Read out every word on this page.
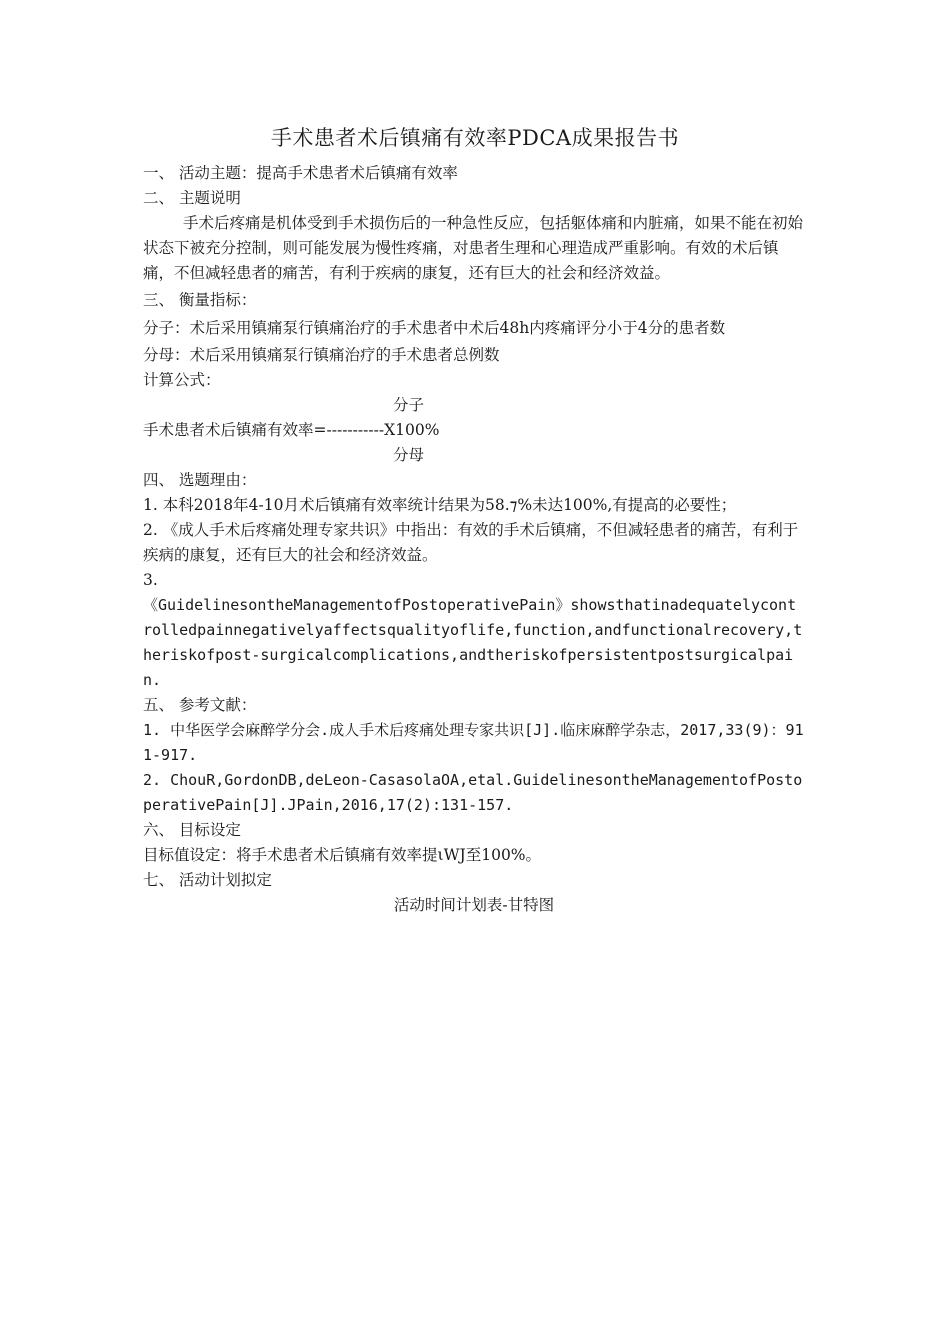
手术患者术后镇痛有效率PDCA成果报告书

一、 活动主题：提高手术患者术后镇痛有效率

二、 主题说明

手术后疼痛是机体受到手术损伤后的一种急性反应，包括躯体痛和内脏痛，如果不能在初始状态下被充分控制，则可能发展为慢性疼痛，对患者生理和心理造成严重影响。有效的术后镇痛，不但减轻患者的痛苦，有利于疾病的康复，还有巨大的社会和经济效益。

三、 衡量指标：

分子：术后采用镇痛泵行镇痛治疗的手术患者中术后48h内疼痛评分小于4分的患者数

分母：术后采用镇痛泵行镇痛治疗的手术患者总例数

计算公式：

分子

手术患者术后镇痛有效率=-----------X100%

分母

四、 选题理由：

1. 本科2018年4-10月术后镇痛有效率统计结果为58.⁊%未达100%,有提高的必要性；

2. 《成人手术后疼痛处理专家共识》中指出：有效的手术后镇痛，不但减轻患者的痛苦，有利于疾病的康复，还有巨大的社会和经济效益。

3.

《GuidelinesontheManagementofPostoperativePain》showsthatinadequatelycontrolledpainnegativelyaffectsqualityoflife,function,andfunctionalrecovery,theriskofpost-surgicalcomplications,andtheriskofpersistentpostsurgicalpain.

五、 参考文献：

1. 中华医学会麻醉学分会.成人手术后疼痛处理专家共识[J].临床麻醉学杂志，2017,33(9)：911-917.

2. ChouR,GordonDB,deLeon-CasasolaOA,etal.GuidelinesontheManagementofPostoperativePain[J].JPain,2016,17(2):131-157.

六、 目标设定

目标值设定：将手术患者术后镇痛有效率提ιWJ至100%。

七、 活动计划拟定

活动时间计划表-甘特图
